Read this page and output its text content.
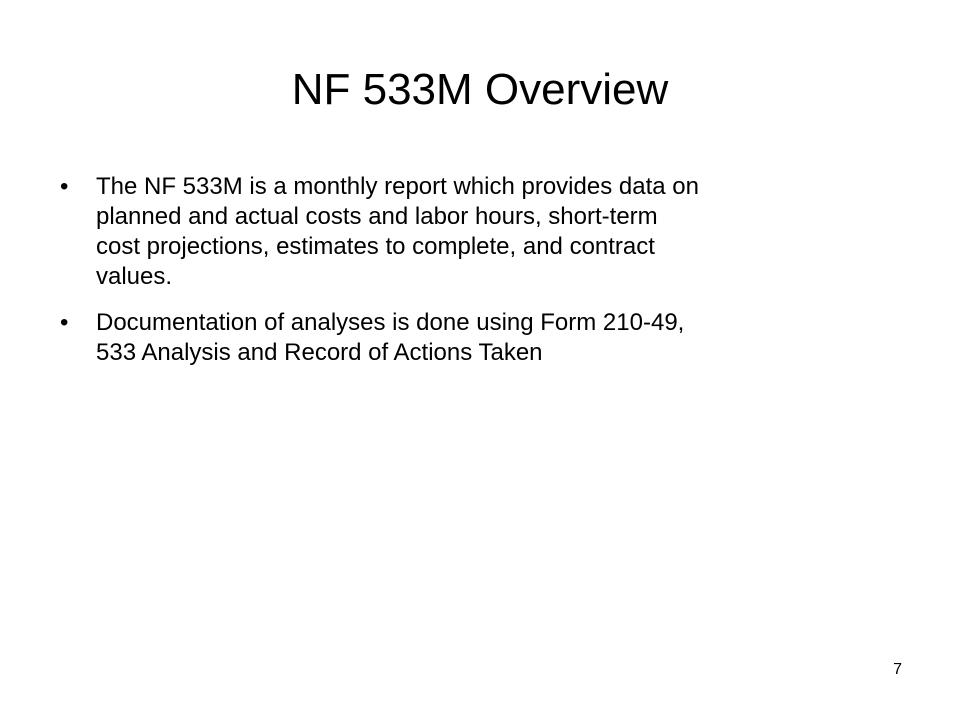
NF 533M Overview
•	The NF 533M is a monthly report which provides data on
planned and actual costs and labor hours, short-term
cost projections, estimates to complete, and contract
values.
•	Documentation of analyses is done using Form 210-49,
533 Analysis and Record of Actions Taken
7
